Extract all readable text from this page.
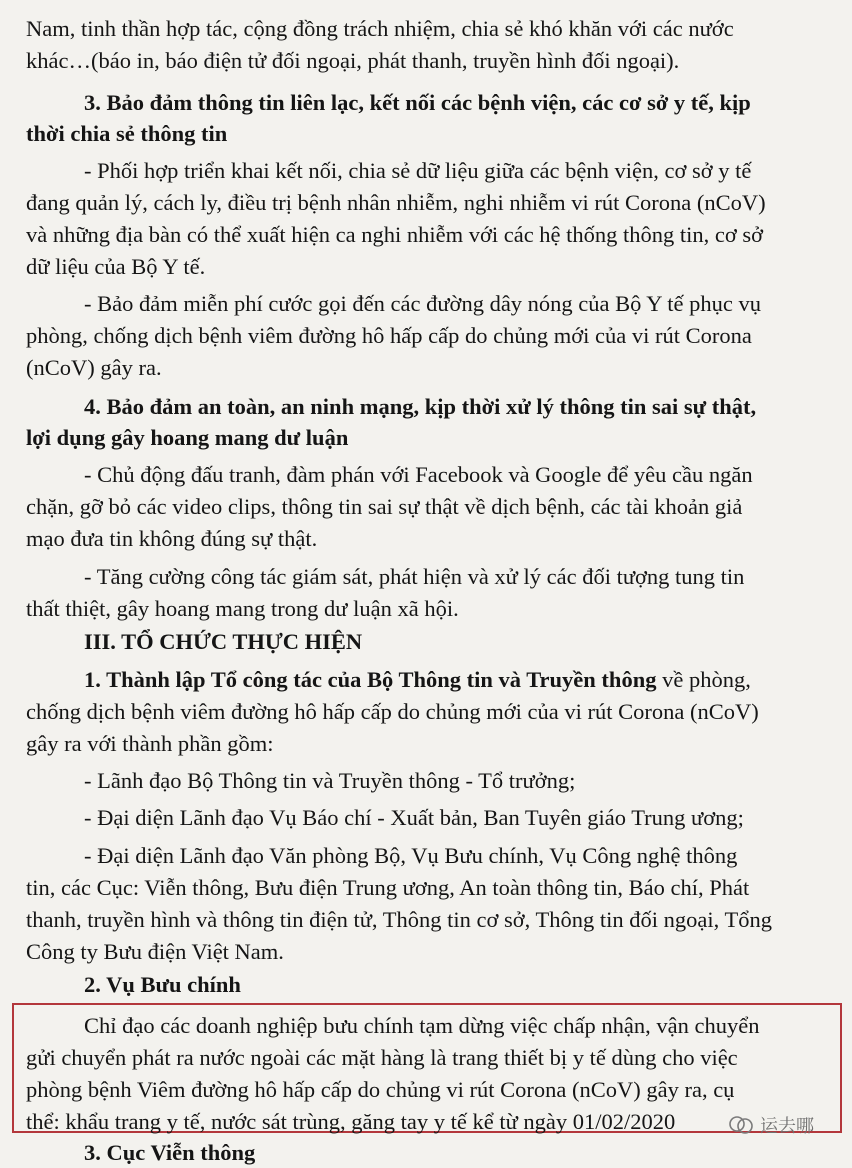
Nam, tinh thần hợp tác, cộng đồng trách nhiệm, chia sẻ khó khăn với các nước
khác…(báo in, báo điện tử đối ngoại, phát thanh, truyền hình đối ngoại).
3. Bảo đảm thông tin liên lạc, kết nối các bệnh viện, các cơ sở y tế, kịp
thời chia sẻ thông tin
- Phối hợp triển khai kết nối, chia sẻ dữ liệu giữa các bệnh viện, cơ sở y tế
đang quản lý, cách ly, điều trị bệnh nhân nhiễm, nghi nhiễm vi rút Corona (nCoV)
và những địa bàn có thể xuất hiện ca nghi nhiễm với các hệ thống thông tin, cơ sở
dữ liệu của Bộ Y tế.
- Bảo đảm miễn phí cước gọi đến các đường dây nóng của Bộ Y tế phục vụ
phòng, chống dịch bệnh viêm đường hô hấp cấp do chủng mới của vi rút Corona
(nCoV) gây ra.
4. Bảo đảm an toàn, an ninh mạng, kịp thời xử lý thông tin sai sự thật,
lợi dụng gây hoang mang dư luận
- Chủ động đấu tranh, đàm phán với Facebook và Google để yêu cầu ngăn
chặn, gỡ bỏ các video clips, thông tin sai sự thật về dịch bệnh, các tài khoản giả
mạo đưa tin không đúng sự thật.
- Tăng cường công tác giám sát, phát hiện và xử lý các đối tượng tung tin
thất thiệt, gây hoang mang trong dư luận xã hội.
III. TỔ CHỨC THỰC HIỆN
1. Thành lập Tổ công tác của Bộ Thông tin và Truyền thông về phòng,
chống dịch bệnh viêm đường hô hấp cấp do chủng mới của vi rút Corona (nCoV)
gây ra với thành phần gồm:
- Lãnh đạo Bộ Thông tin và Truyền thông - Tổ trưởng;
- Đại diện Lãnh đạo Vụ Báo chí - Xuất bản, Ban Tuyên giáo Trung ương;
- Đại diện Lãnh đạo Văn phòng Bộ, Vụ Bưu chính, Vụ Công nghệ thông
tin, các Cục: Viễn thông, Bưu điện Trung ương, An toàn thông tin, Báo chí, Phát
thanh, truyền hình và thông tin điện tử, Thông tin cơ sở, Thông tin đối ngoại, Tổng
Công ty Bưu điện Việt Nam.
2. Vụ Bưu chính
Chỉ đạo các doanh nghiệp bưu chính tạm dừng việc chấp nhận, vận chuyển
gửi chuyển phát ra nước ngoài các mặt hàng là trang thiết bị y tế dùng cho việc
phòng bệnh Viêm đường hô hấp cấp do chủng vi rút Corona (nCoV) gây ra, cụ
thể: khẩu trang y tế, nước sát trùng, găng tay y tế kể từ ngày 01/02/2020
3. Cục Viễn thông
运去哪
